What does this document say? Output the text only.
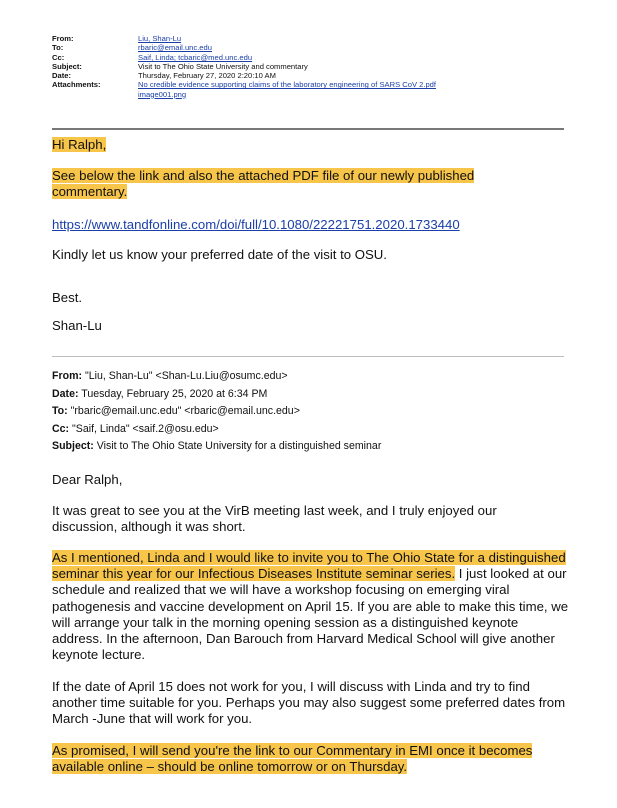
From:	Liu, Shan-Lu
To:	rbaric@email.unc.edu
Cc:	Saif, Linda; tcbaric@med.unc.edu
Subject:	Visit to The Ohio State University and commentary
Date:	Thursday, February 27, 2020 2:20:10 AM
Attachments:	No credible evidence supporting claims of the laboratory engineering of SARS CoV 2.pdf
image001.png

Hi Ralph,

See below the link and also the attached PDF file of our newly published commentary.

https://www.tandfonline.com/doi/full/10.1080/22221751.2020.1733440

Kindly let us know your preferred date of the visit to OSU.

Best.

Shan-Lu

From: "Liu, Shan-Lu" <Shan-Lu.Liu@osumc.edu>
Date: Tuesday, February 25, 2020 at 6:34 PM
To: "rbaric@email.unc.edu" <rbaric@email.unc.edu>
Cc: "Saif, Linda" <saif.2@osu.edu>
Subject: Visit to The Ohio State University for a distinguished seminar

Dear Ralph,

It was great to see you at the VirB meeting last week, and I truly enjoyed our discussion, although it was short.

As I mentioned, Linda and I would like to invite you to The Ohio State for a distinguished seminar this year for our Infectious Diseases Institute seminar series. I just looked at our schedule and realized that we will have a workshop focusing on emerging viral pathogenesis and vaccine development on April 15. If you are able to make this time, we will arrange your talk in the morning opening session as a distinguished keynote address. In the afternoon, Dan Barouch from Harvard Medical School will give another keynote lecture.

If the date of April 15 does not work for you, I will discuss with Linda and try to find another time suitable for you. Perhaps you may also suggest some preferred dates from March -June that will work for you.

As promised, I will send you're the link to our Commentary in EMI once it becomes available online – should be online tomorrow or on Thursday.
